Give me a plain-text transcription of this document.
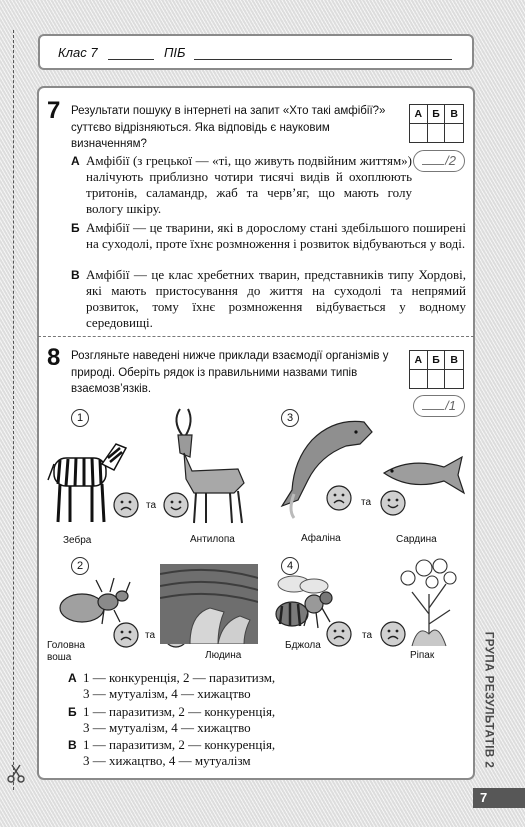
Клас 7	ПІБ
7 Результати пошуку в інтернеті на запит «Хто такі амфібії?» суттєво відрізняються. Яка відповідь є науковим визначенням?
А Б	В
/2
А Амфібії (з грецької — «ті, що живуть подвійним життям») налічують приблизно чотири тисячі видів й охоплюють тритонів, саламандр, жаб та черв’яг, що мають голу вологу шкіру.
Б Амфібії — це тварини, які в дорослому стані здебільшого поширені на суходолі, проте їхнє розмноження і розвиток відбуваються у воді.
В Амфібії — це клас хребетних тварин, представників типу Хордові, які мають пристосування до життя на суходолі та непрямий розвиток, тому їхнє розмноження відбувається у водному середовищі.
8 Розгляньте наведені нижче приклади взаємодії організмів у природі. Оберіть рядок із правильними назвами типів взаємозв’язків.
А Б	В
/1
1
та
Зебра	Антилопа
3
та
Афаліна	Сардина
2
та
Головна воша	Людина
4
та
Бджола
Ріпак
А 1 — конкуренція, 2 — паразитизм,
3 — мутуалізм, 4 — хижацтво
Б 1 — паразитизм, 2 — конкуренція,
3 — мутуалізм, 4 — хижацтво
В 1 — паразитизм, 2 — конкуренція,
3 — хижацтво, 4 — мутуалізм	ГРУПА РЕЗУЛЬТАТІВ 2
7
